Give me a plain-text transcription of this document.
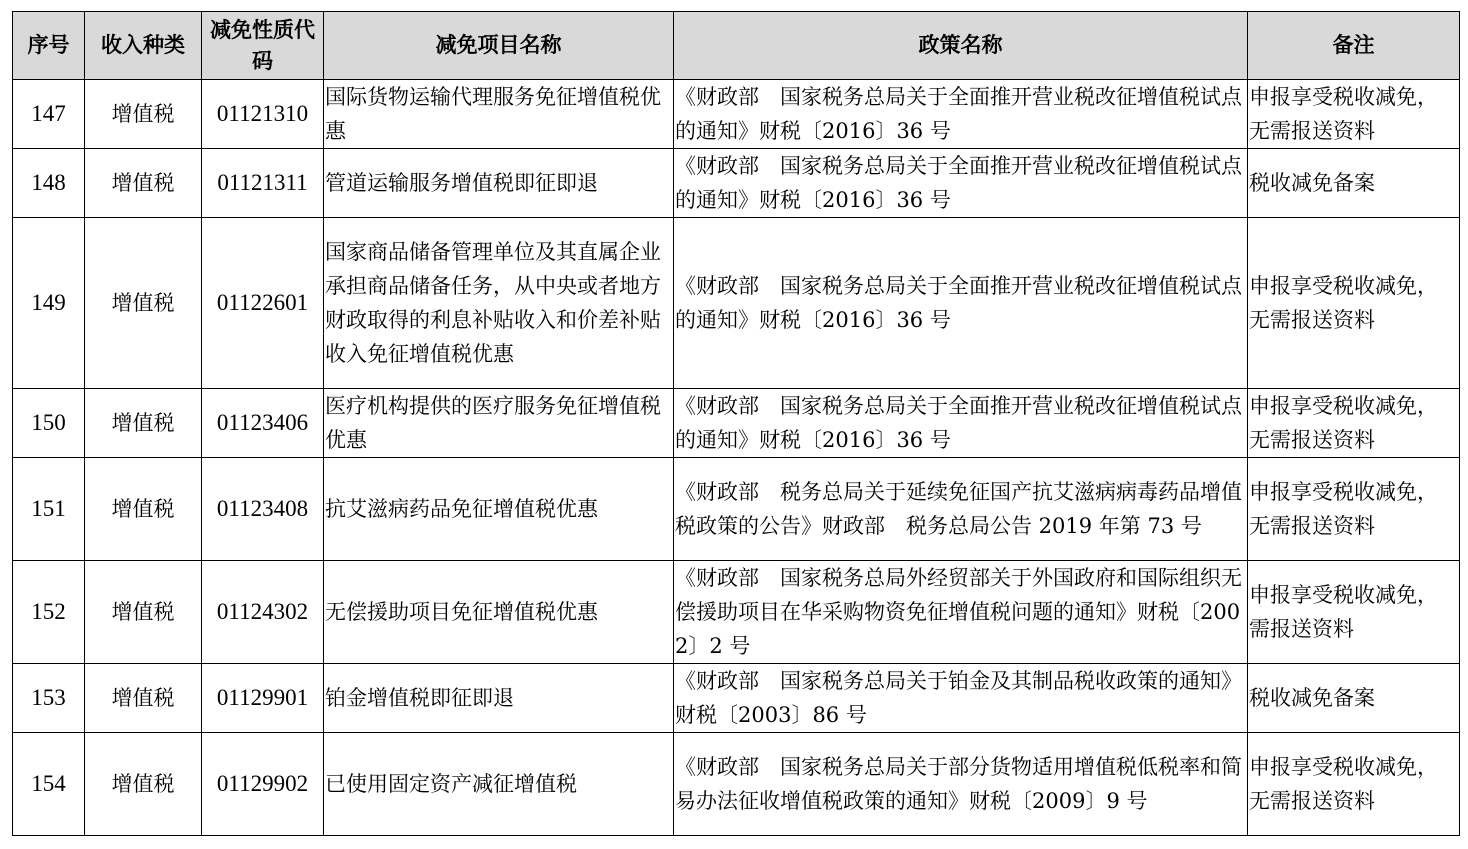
序号	收入种类	减免性质代码	减免项目名称	政策名称	备注
147	增值税	01121310	国际货物运输代理服务免征增值税优惠	《财政部　国家税务总局关于全面推开营业税改征增值税试点的通知》财税〔2016〕36 号	申报享受税收减免，无需报送资料
148	增值税	01121311	管道运输服务增值税即征即退	《财政部　国家税务总局关于全面推开营业税改征增值税试点的通知》财税〔2016〕36 号	税收减免备案
149	增值税	01122601	国家商品储备管理单位及其直属企业承担商品储备任务，从中央或者地方财政取得的利息补贴收入和价差补贴收入免征增值税优惠	《财政部　国家税务总局关于全面推开营业税改征增值税试点的通知》财税〔2016〕36 号	申报享受税收减免，无需报送资料
150	增值税	01123406	医疗机构提供的医疗服务免征增值税优惠	《财政部　国家税务总局关于全面推开营业税改征增值税试点的通知》财税〔2016〕36 号	申报享受税收减免，无需报送资料
151	增值税	01123408	抗艾滋病药品免征增值税优惠	《财政部　税务总局关于延续免征国产抗艾滋病病毒药品增值税政策的公告》财政部　税务总局公告 2019 年第 73 号	申报享受税收减免，无需报送资料
152	增值税	01124302	无偿援助项目免征增值税优惠	《财政部　国家税务总局外经贸部关于外国政府和国际组织无偿援助项目在华采购物资免征增值税问题的通知》财税〔2002〕2 号	申报享受税收减免，需报送资料
153	增值税	01129901	铂金增值税即征即退	《财政部　国家税务总局关于铂金及其制品税收政策的通知》财税〔2003〕86 号	税收减免备案
154	增值税	01129902	已使用固定资产减征增值税	《财政部　国家税务总局关于部分货物适用增值税低税率和简易办法征收增值税政策的通知》财税〔2009〕9 号	申报享受税收减免，无需报送资料
